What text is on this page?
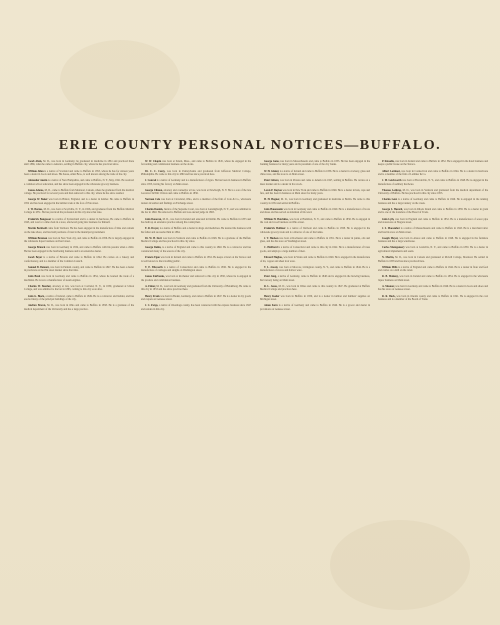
ERIE COUNTY PERSONAL NOTICES—BUFFALO.

Jacob Abels, M. D., was born in Germany; he graduated in medicine in 1861 and practiced there until 1866, when he came to America, settling in Buffalo city, where he has practiced since.

William Allen is a native of Scotland and came to Buffalo in 1853, where he has for sixteen years been a dealer in boots and shoes. His house, Allen Bros., is well known among the trade of the city.

Alexander Austin is a native of New Hampshire, and came to Buffalo, N. Y., May, 1841. He received a common school education, and has since been engaged in the wholesale grocery business.

James Adams, M. D., came to Buffalo from Montreal, Canada, where he graduated from the medical college. He practiced for several years and then removed to this city, where he has since resided.

George W. Baker was born in Bristol, England, and is a dealer in lumber. He came to Buffalo in 1852 and has been engaged in the lumber trade at the foot of Erie street.

J. W. Barnes, M. D., was born at Scottville, N. Y., in 1826, and graduated from the Buffalo Medical College in 1851. He has practiced his profession in this city since that date.

Frederick Bangasser is a native of Switzerland and is a dealer in hardware. He came to Buffalo in 1845, and was for a time clerk in a store, afterward going into business for himself.

Martin Bardwell came from Vermont. He has been engaged in the manufacture of lime and cement on the lake shore, and has held positions of trust in the municipal government.

William Brennan was born in New York city, and came to Buffalo in 1856. He is largely engaged in the wholesale liquor business on Pearl street.

George Brunck was born in Germany in 1834, and came to Buffalo with his parents when a child. He has been engaged in the butchering business and is an extensive dealer.

Jacob Beyer is a native of Bavaria and came to Buffalo in 1842. He carries on a bakery and confectionery, and is a member of the Common Council.

Samuel B. Bennett, was born in Putnam county, and came to Buffalo in 1847. He has been a dealer in provisions at the Elk street market since that time.

John Bush was born in Germany and came to Buffalo in 1854, where he learned the trade of a machinist. He is now a manufacturer of steam engines.

Charles W. Beecher, attorney at law, was born at Cortland, N. Y., in 1839, graduated at Union College, and was admitted to the bar in 1863, coming to this city soon after.

John G. Black, a native of Ireland, came to Buffalo in 1849. He is a contractor and builder, and has erected many of the principal buildings of the city.

Andrew Brown, M. D., was born in Ohio and came to Buffalo in 1858. He is a graduate of the medical department of the University and has a large practice.

W. W. Chapin was born at Salem, Mass., and came to Buffalo in 1845, where he engaged in the forwarding and commission business on the docks.

Dr. C. C. Carey, was born in Pennsylvania and graduated from Jefferson Medical College, Philadelphia. He came to this city in 1860 and has since practiced here.

J. Conrad is a native of Germany and is a manufacturer of cigars. He has been in business in Buffalo since 1853, having his factory on Main street.

George Clinton, attorney and counsellor at law, was born at Newburgh, N. Y. He is a son of the late Governor DeWitt Clinton and came to Buffalo in 1836.

Norman Cole was born at Cleveland, Ohio, and is a member of the firm of Cole & Co., wholesale dealers in leather and findings on Exchange street.

Charles Daniels, Justice of the Supreme Court, was born at Lansingburgh, N. Y., and was admitted to the bar in 1840. He removed to Buffalo and was elected judge in 1863.

John Donovan, M. D., was born in Ireland and educated in Dublin. He came to Buffalo in 1855 and has built up an extensive practice among his countrymen.

E. R. Dwyer, is a native of Buffalo and a dealer in drugs and medicines. He learned the business with his father and succeeded him in 1864.

Dr. W. H. Dorr was born in Vermont and came to Buffalo in 1848. He is a graduate of the Buffalo Medical College and has practiced in this city since.

George Dakin, is a native of England and came to this country in 1840. He is a contractor and has constructed many of the sewers of the city.

Francis Egan was born in Ireland and came to Buffalo in 1852. He keeps a hotel on the Terrace and is well known to the travelling public.

T. E. Ellsworth is a native of Connecticut and came to Buffalo in 1836. He is engaged in the manufacture of carriages and sleighs on Washington street.

James Fairbanks, was born at Rochester and removed to this city in 1850, where he is engaged in the produce and commission business.

A. Fisher, M. D., was born in Germany and graduated from the University of Heidelberg. He came to this city in 1853 and has since practiced here.

Henry Frank was born in Baden, Germany, and came to Buffalo in 1847. He is a dealer in dry goods and carpets on Genesee street.

J. C. Fargo, a native of Onondaga county, has been connected with the express business since 1847 and resides in this city.

George Gates was born in Massachusetts and came to Buffalo in 1833. He has been engaged in the banking business for many years and is president of one of the city banks.

W. H. Glenny is a native of Ireland and came to Buffalo in 1836. He is a dealer in crockery, glass and china ware, and his store is on Main street.

Peter Gittere, was born in Prussia and came to America in 1847, settling in Buffalo. He carries on a meat market and is a dealer in live stock.

Lewis P. Dayton was born in New York and came to Buffalo in 1849. He is a dealer in hats, caps and furs, and has been in business on Main street for many years.

H. H. Hagner, M. D., was born in Germany and graduated in medicine at Berlin. He came to this country in 1854 and settled in Buffalo.

John Hauenstein was born in Germany and came to Buffalo in 1840. He is a manufacturer of boots and shoes and has served as alderman of his ward.

William H. Hotchkiss, was born at Hamilton, N. Y., and came to Buffalo in 1856. He is engaged in the coal and wood business on Ohio street.

Frederick Hollister is a native of Vermont and came to Buffalo in 1838. He is engaged in the wholesale grocery trade and is a director of one of the banks.

J. T. Hudson was born at Rochester and came to Buffalo in 1851. He is a dealer in paints, oils and glass, and has his store on Washington street.

C. Hubbard is a native of Connecticut and came to this city in 1842. He is a manufacturer of brass goods, and employs a large number of men.

Edward Hughes, was born in Wales and came to Buffalo in 1849. He is engaged in the manufacture of tin, copper and sheet iron ware.

T. L. Jewett, was born at Moscow, Livingston county, N. Y., and came to Buffalo in 1844. He is a manufacturer of stoves and hollow ware.

Peter Jung, a native of Germany, came to Buffalo in 1848 and is engaged in the brewing business, his brewery being on Main street.

R. L. Jones, M. D., was born in Wales and came to this country in 1847. He graduated at Buffalo Medical College and practices here.

Henry Keeler was born in Buffalo in 1830, and is a dealer in lumber and builders' supplies on Michigan street.

Adam Kern is a native of Germany and came to Buffalo in 1846. He is a grocer and dealer in provisions on Genesee street.

P. Kinsella, was born in Ireland and came to Buffalo in 1852. He is engaged in the hotel business and keeps a public house on the Terrace.

Albert Lattimer, was born in Connecticut and came to Buffalo in 1844. He is a dealer in hardware and is a member of the firm of Lattimer & Co.

J. M. Letchworth was born at Brownville, N. Y., and came to Buffalo in 1848. He is engaged in the manufacture of saddlery hardware.

Thomas Lothrop, M. D., was born in Vermont and graduated from the medical department of the University of Buffalo. He has practiced in this city since 1853.

Charles Lenz is a native of Germany and came to Buffalo in 1849. He is engaged in the tanning business and has a large tannery on the creek.

George S. Hazard, was born in Rhode Island and came to Buffalo in 1838. He is a dealer in grain and is one of the founders of the Board of Trade.

John Lyth, was born in England and came to Buffalo in 1852. He is a manufacturer of sewer pipe and stoneware on Niagara street.

J. S. Macomber is a native of Massachusetts and came to Buffalo in 1845. He is a merchant tailor and has his store on Main street.

Joseph Meyer, was born in Alsace and came to Buffalo in 1848. He is engaged in the furniture business and has a large warehouse.

Carlos Montgomery was born at Granville, N. Y., and came to Buffalo in 1850. He is a dealer in agricultural implements and seeds.

N. Martin, M. D., was born in Canada and graduated at McGill College, Montreal. He settled in Buffalo in 1858 and has since practiced here.

William Mills is a native of England and came to Buffalo in 1842. He is a dealer in flour and feed and carries on a mill on the canal.

R. B. Mahany, was born in Ireland and came to Buffalo in 1854. He is engaged in the wholesale liquor business on Main street.

A. Mesmer, was born in Germany and came to Buffalo in 1849. He is a dealer in boots and shoes and has his store on Genesee street.

R. R. Buck, was born in Oneida county and came to Buffalo in 1841. He is engaged in the coal business and is a member of the Board of Trade.
